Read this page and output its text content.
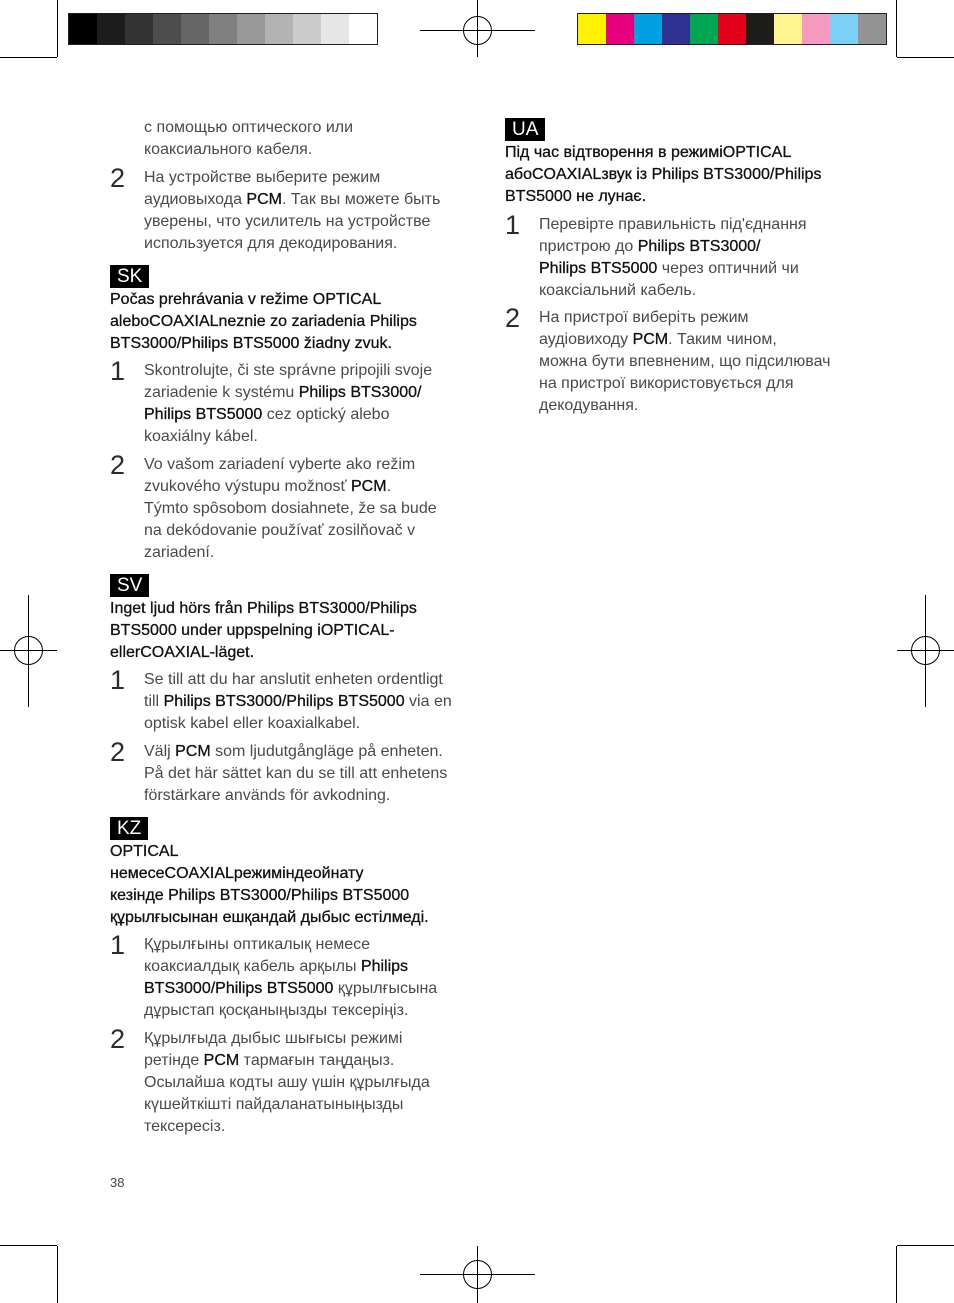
с помощью оптического или
коаксиального кабеля.
2 На устройстве выберите режим
аудиовыхода PCM. Так вы можете быть
уверены, что усилитель на устройстве
используется для декодирования.
SK
Počas prehrávania v režime OPTICAL
aleboCOAXIALneznie zo zariadenia Philips
BTS3000/Philips BTS5000 žiadny zvuk.
1 Skontrolujte, či ste správne pripojili svoje
zariadenie k systému Philips BTS3000/
Philips BTS5000 cez optický alebo
koaxiálny kábel.
2 Vo vašom zariadení vyberte ako režim
zvukového výstupu možnosť PCM.
Týmto spôsobom dosiahnete, že sa bude
na dekódovanie používať zosilňovač v
zariadení.
SV
Inget ljud hörs från Philips BTS3000/Philips
BTS5000 under uppspelning iOPTICAL-
ellerCOAXIAL-läget.
1 Se till att du har anslutit enheten ordentligt
till Philips BTS3000/Philips BTS5000 via en
optisk kabel eller koaxialkabel.
2 Välj PCM som ljudutgångläge på enheten.
På det här sättet kan du se till att enhetens
förstärkare används för avkodning.
KZ
OPTICAL
немесеCOAXIALрежиміндеойнату
кезінде Philips BTS3000/Philips BTS5000
құрылғысынан ешқандай дыбыс естілмеді.
1 Құрылғыны оптикалық немесе
коаксиалдық кабель арқылы Philips
BTS3000/Philips BTS5000 құрылғысына
дұрыстап қосқаныңызды тексеріңіз.
2 Құрылғыда дыбыс шығысы режимі
ретінде PCM тармағын таңдаңыз.
Осылайша кодты ашу үшін құрылғыда
күшейткішті пайдаланатыныңызды
тексересіз.
UA
Під час відтворення в режиміOPTICAL
абоCOAXIALзвук із Philips BTS3000/Philips
BTS5000 не лунає.
1 Перевірте правильність під'єднання
пристрою до Philips BTS3000/
Philips BTS5000 через оптичний чи
коаксіальний кабель.
2 На пристрої виберіть режим
аудіовиходу PCM. Таким чином,
можна бути впевненим, що підсилювач
на пристрої використовується для
декодування.
38
